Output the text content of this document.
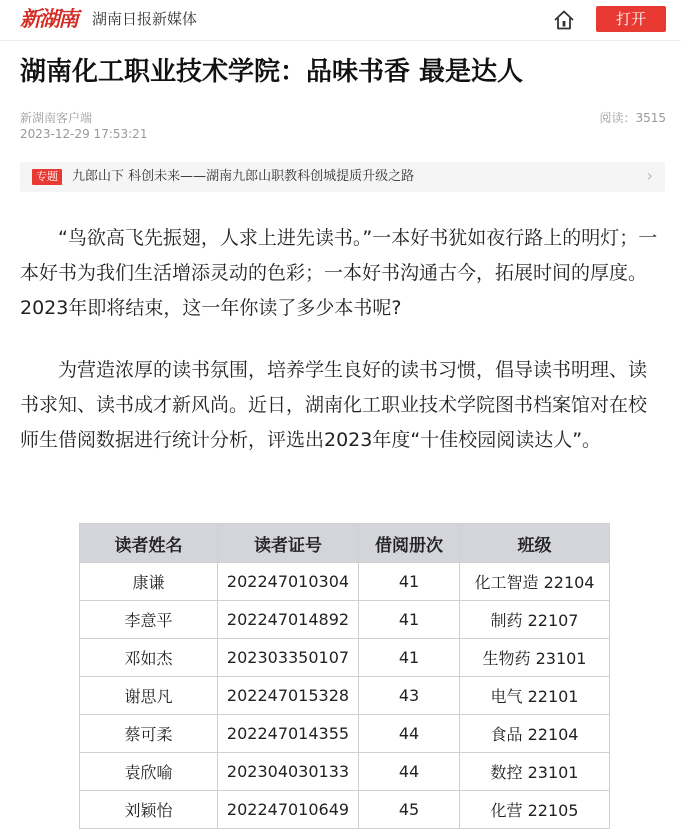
新湖南	湖南日报新媒体	打开
湖南化工职业技术学院：品味书香 最是达人
新湖南客户端
2023-12-29 17:53:21
阅读：3515
专题	九郎山下 科创未来——湖南九郎山职教科创城提质升级之路	›

“鸟欲高飞先振翅，人求上进先读书。”一本好书犹如夜行路上的明灯；一本好书为我们生活增添灵动的色彩；一本好书沟通古今，拓展时间的厚度。2023年即将结束，这一年你读了多少本书呢?

为营造浓厚的读书氛围，培养学生良好的读书习惯，倡导读书明理、读书求知、读书成才新风尚。近日，湖南化工职业技术学院图书档案馆对在校师生借阅数据进行统计分析，评选出2023年度“十佳校园阅读达人”。

读者姓名	读者证号	借阅册次	班级
康谦	202247010304	41	化工智造 22104
李意平	202247014892	41	制药 22107
邓如杰	202303350107	41	生物药 23101
谢思凡	202247015328	43	电气 22101
蔡可柔	202247014355	44	食品 22104
袁欣喻	202304030133	44	数控 23101
刘颖怡	202247010649	45	化营 22105
